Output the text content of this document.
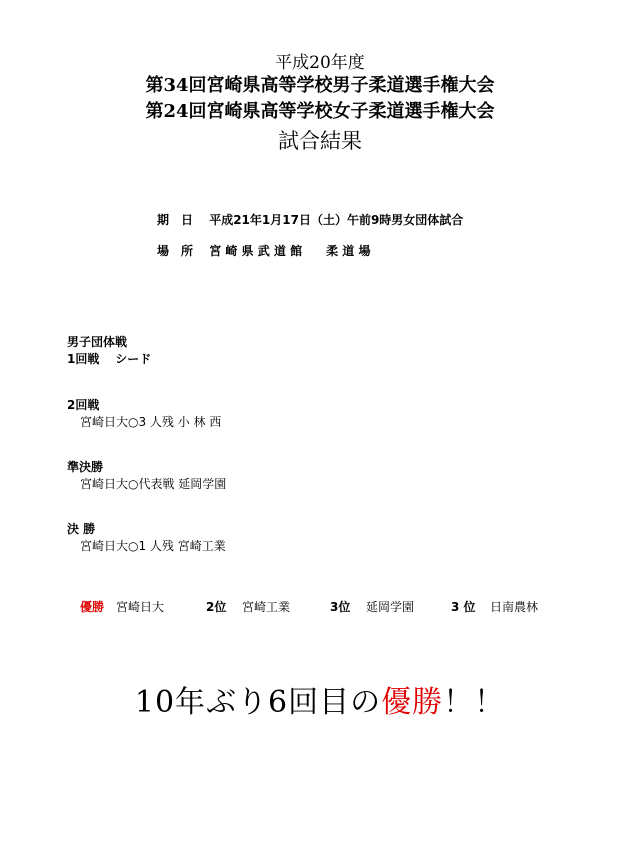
平成20年度
第34回宮崎県高等学校男子柔道選手権大会
第24回宮崎県高等学校女子柔道選手権大会
試合結果
期　日 平成21年1月17日（土）午前9時男女団体試合
場　所 宮 崎 県 武 道 館　　柔 道 場
男子団体戦
1回戦 シード
2回戦
宮崎日大○3 人残 小 林 西
準決勝
宮崎日大○代表戦 延岡学園
決 勝
宮崎日大○1 人残 宮崎工業
優勝 宮崎日大	2位 宮崎工業	3位 延岡学園	3 位 日南農林
10年ぶり6回目の優勝！！
